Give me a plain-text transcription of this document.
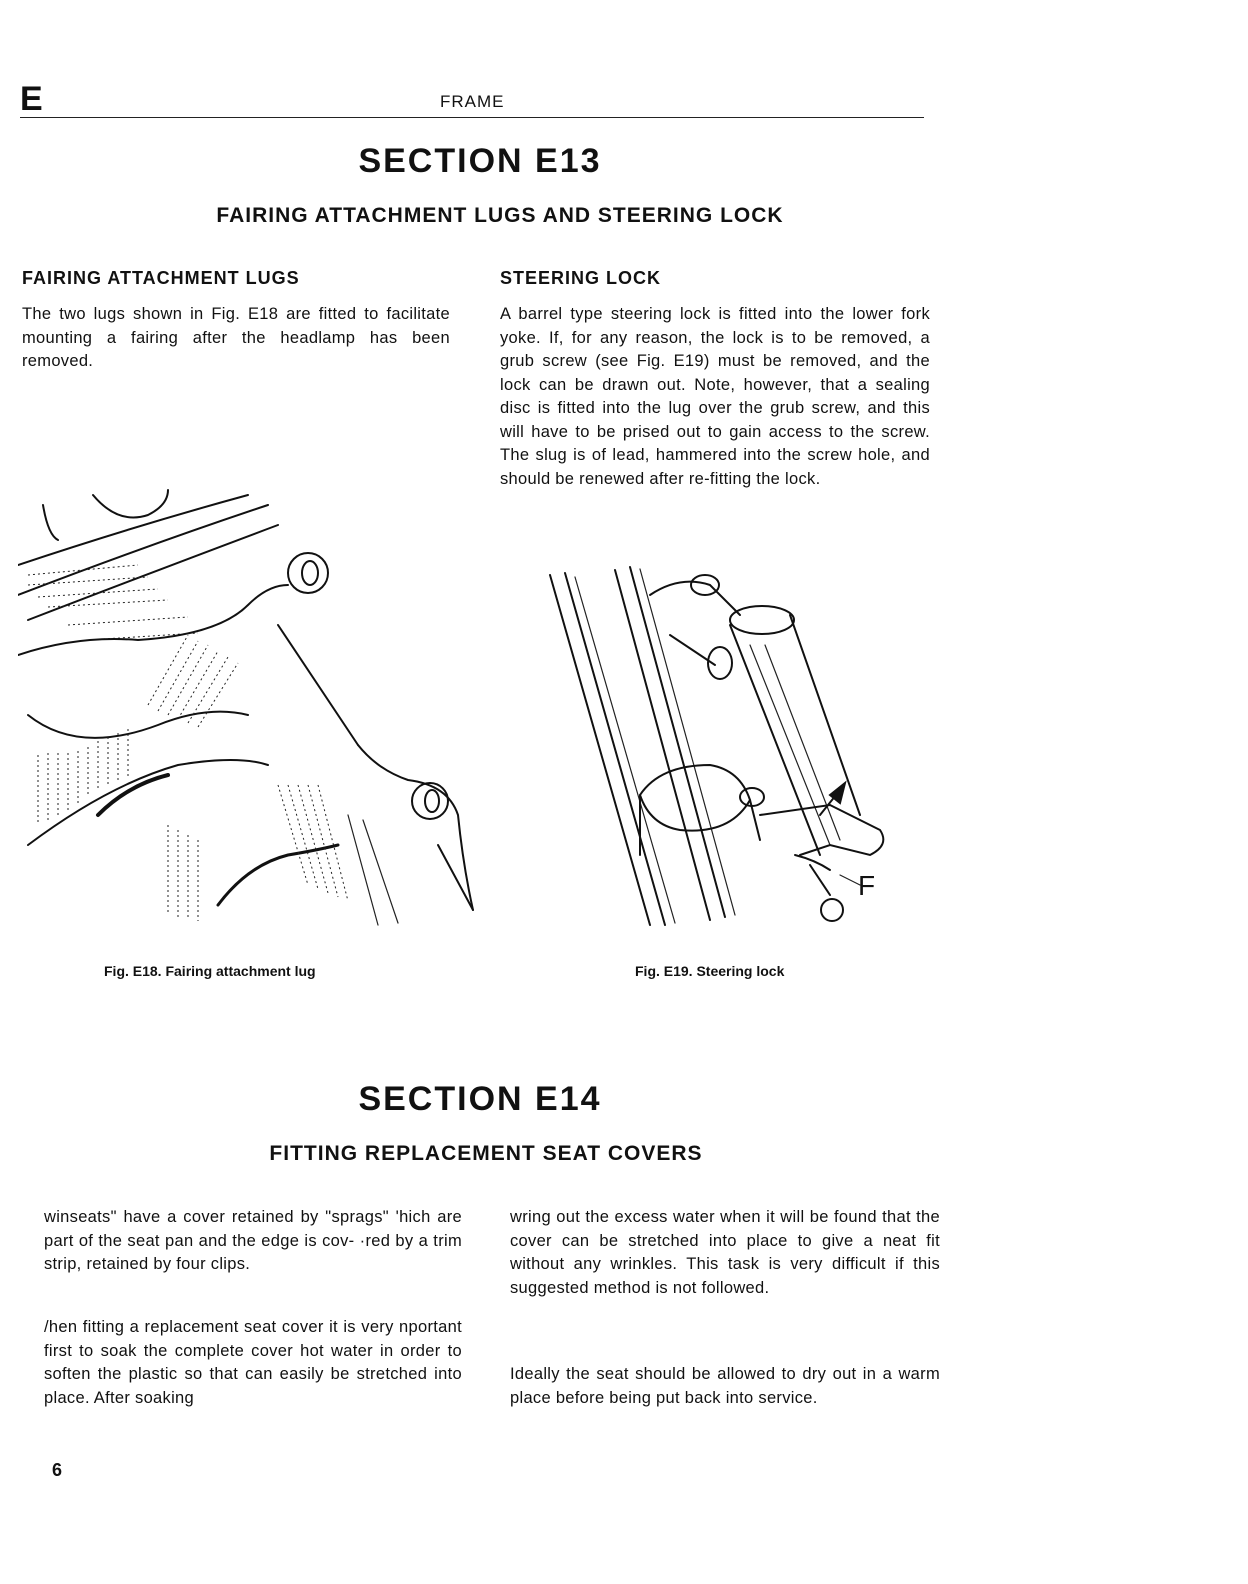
E	FRAME
SECTION E13
FAIRING ATTACHMENT LUGS AND STEERING LOCK
FAIRING ATTACHMENT LUGS
The two lugs shown in Fig. E18 are fitted to facilitate mounting a fairing after the headlamp has been removed.
STEERING LOCK
A barrel type steering lock is fitted into the lower fork yoke. If, for any reason, the lock is to be removed, a grub screw (see Fig. E19) must be removed, and the lock can be drawn out. Note, however, that a sealing disc is fitted into the lug over the grub screw, and this will have to be prised out to gain access to the screw. The slug is of lead, hammered into the screw hole, and should be renewed after re-fitting the lock.
F
Fig. E18. Fairing attachment lug	Fig. E19. Steering lock
SECTION E14
FITTING REPLACEMENT SEAT COVERS
winseats" have a cover retained by "sprags" 'hich are part of the seat pan and the edge is cov- ·red by a trim strip, retained by four clips.
/hen fitting a replacement seat cover it is very nportant first to soak the complete cover hot water in order to soften the plastic so that can easily be stretched into place. After soaking
wring out the excess water when it will be found that the cover can be stretched into place to give a neat fit without any wrinkles. This task is very difficult if this suggested method is not followed.
Ideally the seat should be allowed to dry out in a warm place before being put back into service.
6
